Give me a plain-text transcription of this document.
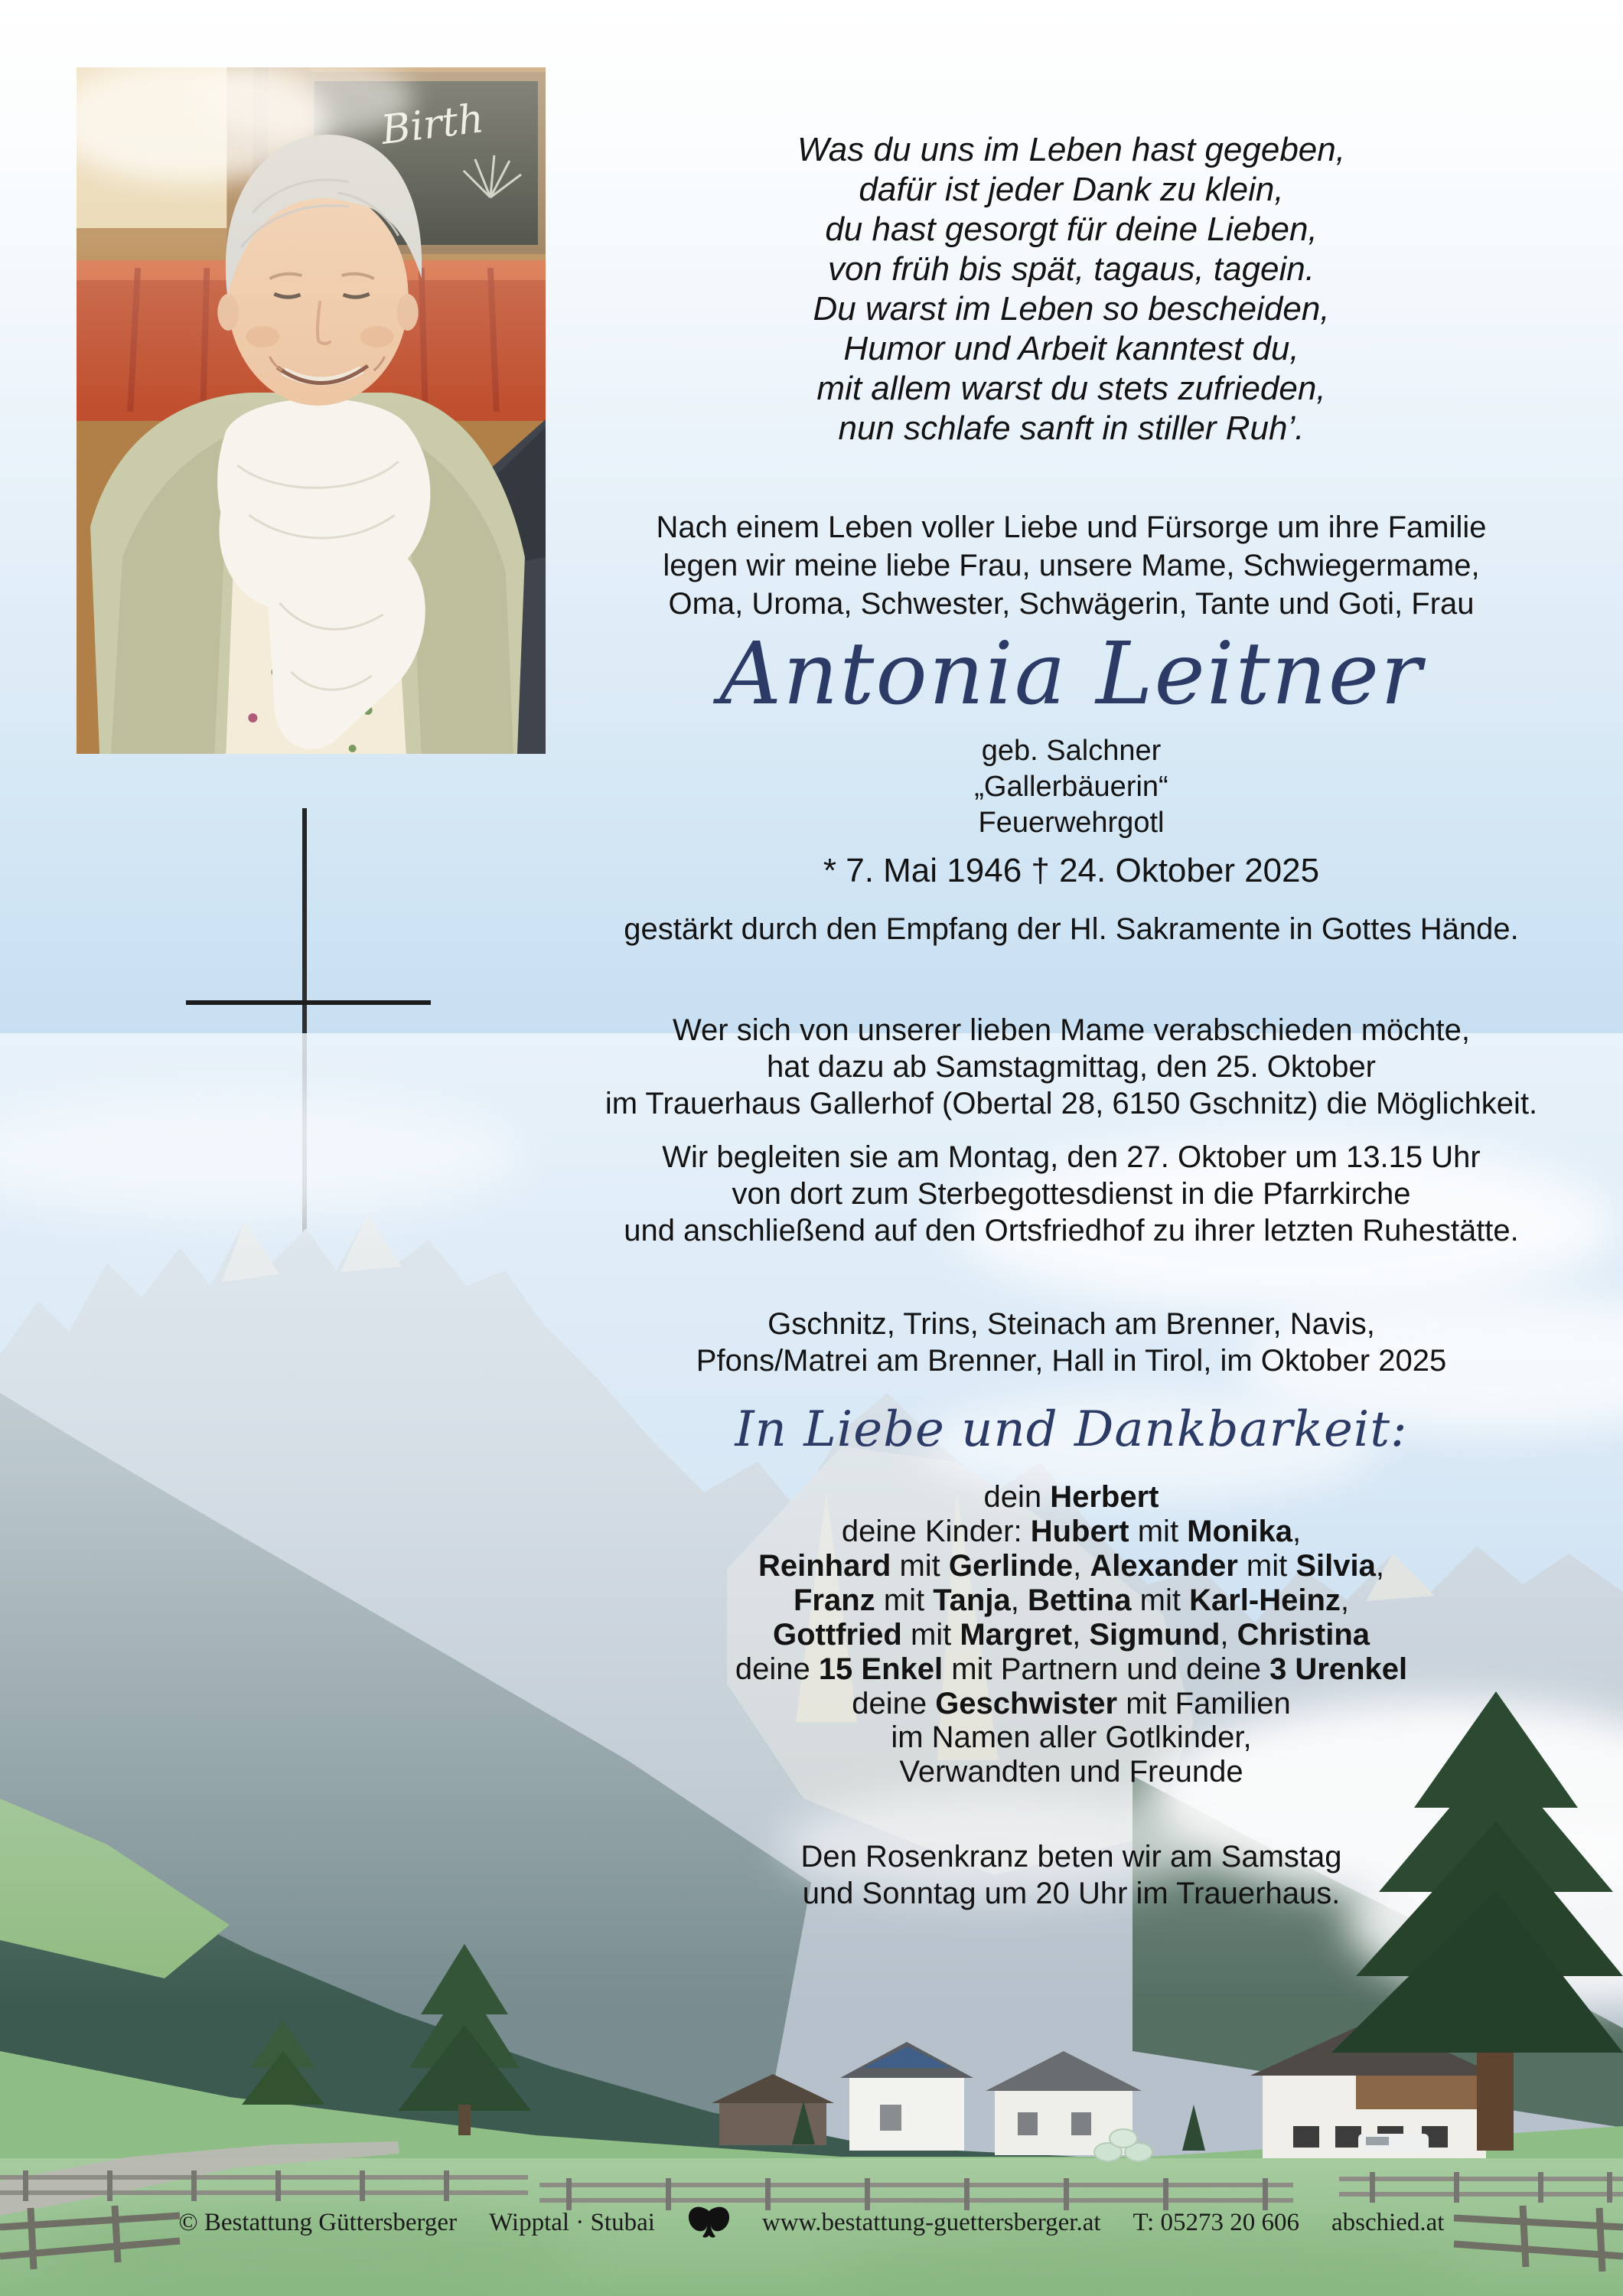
Was du uns im Leben hast gegeben,
dafür ist jeder Dank zu klein,
du hast gesorgt für deine Lieben,
von früh bis spät, tagaus, tagein.
Du warst im Leben so bescheiden,
Humor und Arbeit kanntest du,
mit allem warst du stets zufrieden,
nun schlafe sanft in stiller Ruh’.
Nach einem Leben voller Liebe und Fürsorge um ihre Familie
legen wir meine liebe Frau, unsere Mame, Schwiegermame,
Oma, Uroma, Schwester, Schwägerin, Tante und Goti, Frau
Antonia Leitner
geb. Salchner
„Gallerbäuerin“
Feuerwehrgotl
* 7. Mai 1946 † 24. Oktober 2025
gestärkt durch den Empfang der Hl. Sakramente in Gottes Hände.
Wer sich von unserer lieben Mame verabschieden möchte,
hat dazu ab Samstagmittag, den 25. Oktober
im Trauerhaus Gallerhof (Obertal 28, 6150 Gschnitz) die Möglichkeit.
Wir begleiten sie am Montag, den 27. Oktober um 13.15 Uhr
von dort zum Sterbegottesdienst in die Pfarrkirche
und anschließend auf den Ortsfriedhof zu ihrer letzten Ruhestätte.
Gschnitz, Trins, Steinach am Brenner, Navis,
Pfons/Matrei am Brenner, Hall in Tirol, im Oktober 2025
In Liebe und Dankbarkeit:
dein Herbert
deine Kinder: Hubert mit Monika,
Reinhard mit Gerlinde, Alexander mit Silvia,
Franz mit Tanja, Bettina mit Karl-Heinz,
Gottfried mit Margret, Sigmund, Christina
deine 15 Enkel mit Partnern und deine 3 Urenkel
deine Geschwister mit Familien
im Namen aller Gotlkinder,
Verwandten und Freunde
Den Rosenkranz beten wir am Samstag
und Sonntag um 20 Uhr im Trauerhaus.
© Bestattung Güttersberger Wipptal · Stubai	www.bestattung-guettersberger.at T: 05273 20 606 abschied.at
